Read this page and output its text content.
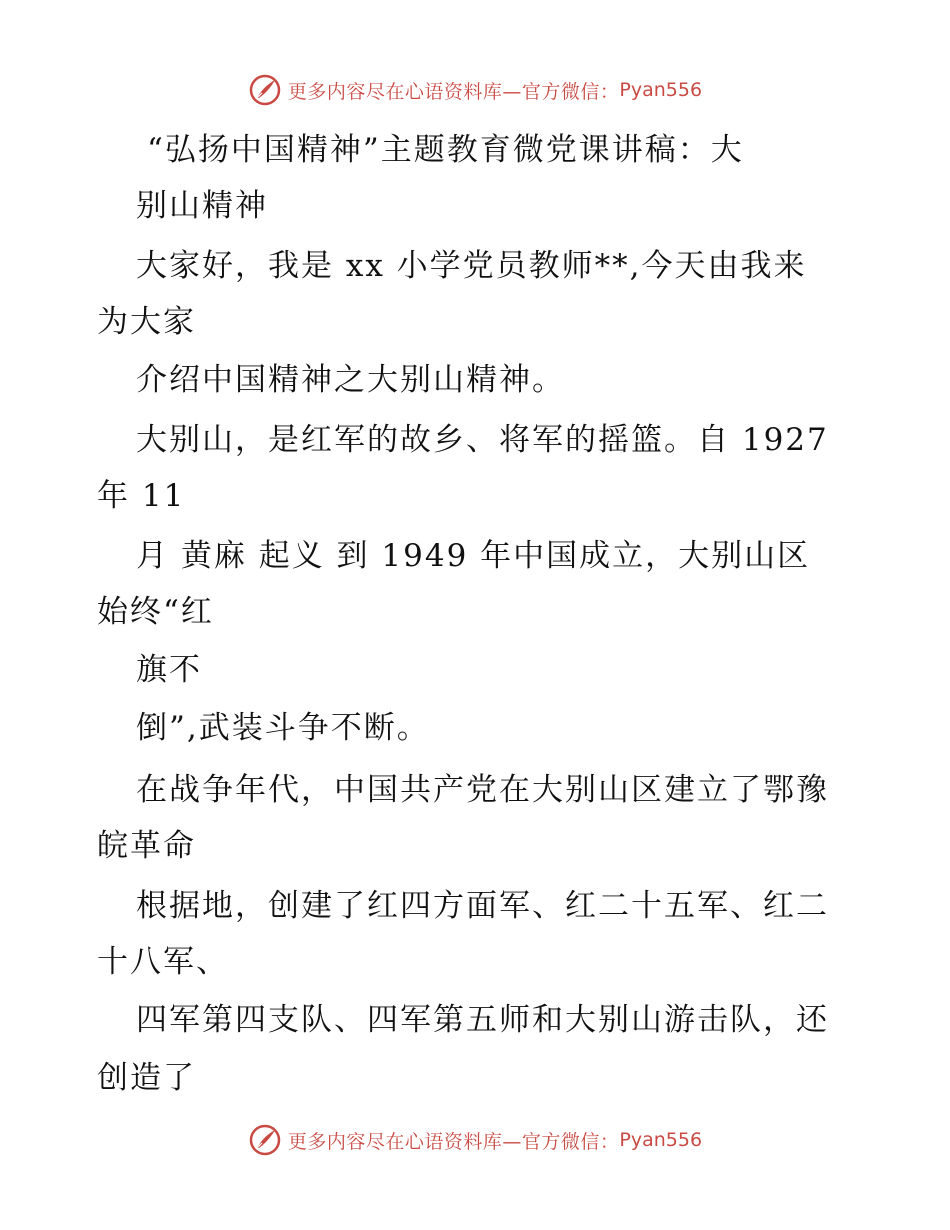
更多内容尽在心语资料库—官方微信： Pyan556
“弘扬中国精神”主题教育微党课讲稿：大
别山精神
大家好，我是 xx 小学党员教师**,今天由我来
为大家
介绍中国精神之大别山精神。
大别山，是红军的故乡、将军的摇篮。自 1927
年 11
月 黄麻 起义 到 1949 年中国成立，大别山区
始终“红
旗不
倒”,武装斗争不断。
在战争年代，中国共产党在大别山区建立了鄂豫
皖革命
根据地，创建了红四方面军、红二十五军、红二
十八军、
四军第四支队、四军第五师和大别山游击队，还
创造了
更多内容尽在心语资料库—官方微信： Pyan556
